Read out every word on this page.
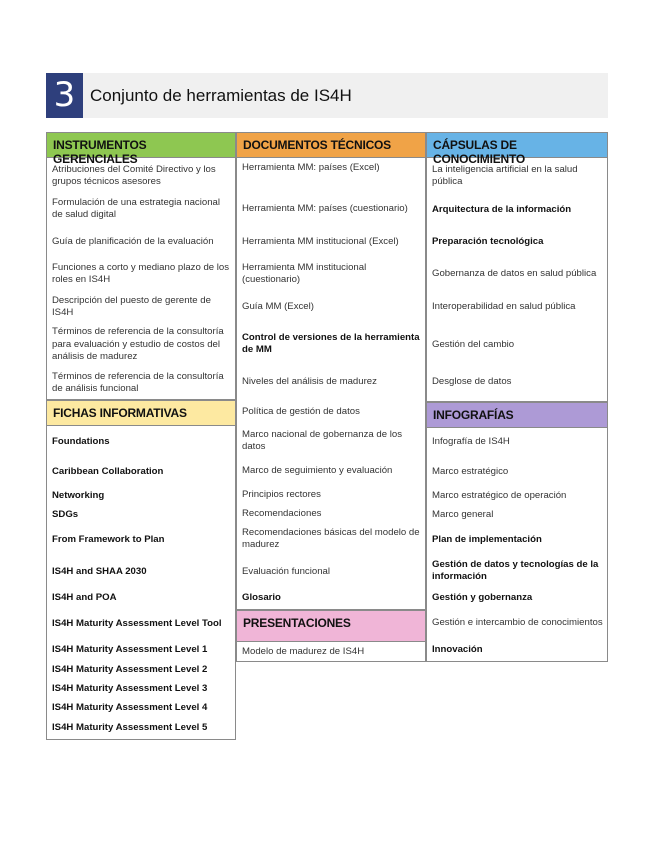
3 Conjunto de herramientas de IS4H
INSTRUMENTOS GERENCIALES
Atribuciones del Comité Directivo y los grupos técnicos asesores
Formulación de una estrategia nacional de salud digital
Guía de planificación de la evaluación
Funciones a corto y mediano plazo de los roles en IS4H
Descripción del puesto de gerente de IS4H
Términos de referencia de la consultoría para evaluación y estudio de costos del análisis de madurez
Términos de referencia de la consultoría de análisis funcional
FICHAS INFORMATIVAS
Foundations
Caribbean Collaboration
Networking
SDGs
From Framework to Plan
IS4H and SHAA 2030
IS4H and POA
IS4H Maturity Assessment Level Tool
IS4H Maturity Assessment Level 1
IS4H Maturity Assessment Level 2
IS4H Maturity Assessment Level 3
IS4H Maturity Assessment Level 4
IS4H Maturity Assessment Level 5
DOCUMENTOS TÉCNICOS
Herramienta MM: países (Excel)
Herramienta MM: países (cuestionario)
Herramienta MM institucional (Excel)
Herramienta MM institucional (cuestionario)
Guía MM (Excel)
Control de versiones de la herramienta de MM
Niveles del análisis de madurez
Política de gestión de datos
Marco nacional de gobernanza de los datos
Marco de seguimiento y evaluación
Principios rectores
Recomendaciones
Recomendaciones básicas del modelo de madurez
Evaluación funcional
Glosario
PRESENTACIONES
Modelo de madurez de IS4H
CÁPSULAS DE CONOCIMIENTO
La inteligencia artificial en la salud pública
Arquitectura de la información
Preparación tecnológica
Gobernanza de datos en salud pública
Interoperabilidad en salud pública
Gestión del cambio
Desglose de datos
INFOGRAFÍAS
Infografía de IS4H
Marco estratégico
Marco estratégico de operación
Marco general
Plan de implementación
Gestión de datos y tecnologías de la información
Gestión y gobernanza
Gestión e intercambio de conocimientos
Innovación
